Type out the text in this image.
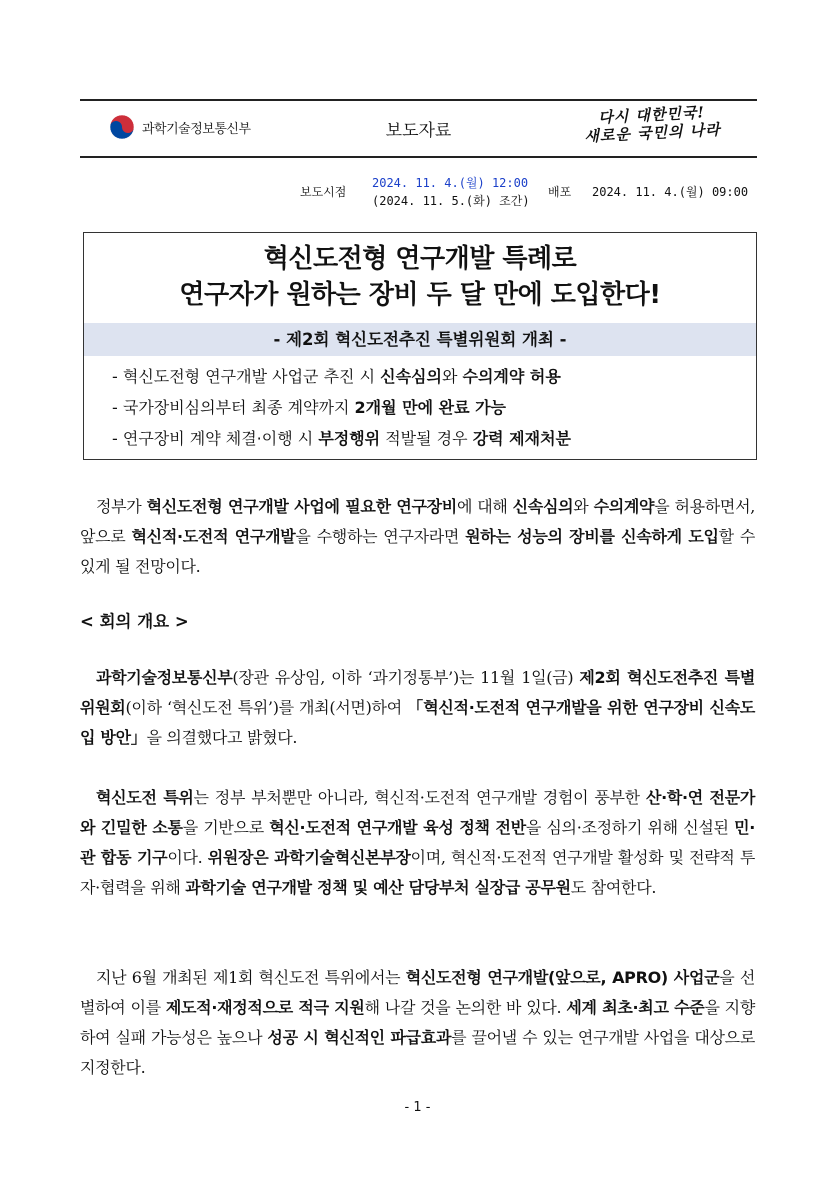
과학기술정보통신부	보도자료
다시 대한민국!
새로운 국민의 나라
보도시점
2024. 11. 4.(월) 12:00
(2024. 11. 5.(화) 조간)
배포 2024. 11. 4.(월) 09:00
혁신도전형 연구개발 특례로
연구자가 원하는 장비 두 달 만에 도입한다!
- 제2회 혁신도전추진 특별위원회 개최 -
- 혁신도전형 연구개발 사업군 추진 시 신속심의와 수의계약 허용
- 국가장비심의부터 최종 계약까지 2개월 만에 완료 가능
- 연구장비 계약 체결·이행 시 부정행위 적발될 경우 강력 제재처분

정부가 혁신도전형 연구개발 사업에 필요한 연구장비에 대해 신속심의와 수의계약을 허용하면서, 앞으로 혁신적·도전적 연구개발을 수행하는 연구자라면 원하는 성능의 장비를 신속하게 도입할 수 있게 될 전망이다.

< 회의 개요 >

과학기술정보통신부(장관 유상임, 이하 ‘과기정통부’)는 11월 1일(금) 제2회 혁신도전추진 특별위원회(이하 ‘혁신도전 특위’)를 개최(서면)하여 「혁신적·도전적 연구개발을 위한 연구장비 신속도입 방안」을 의결했다고 밝혔다.

혁신도전 특위는 정부 부처뿐만 아니라, 혁신적·도전적 연구개발 경험이 풍부한 산·학·연 전문가와 긴밀한 소통을 기반으로 혁신·도전적 연구개발 육성 정책 전반을 심의·조정하기 위해 신설된 민·관 합동 기구이다. 위원장은 과학기술혁신본부장이며, 혁신적·도전적 연구개발 활성화 및 전략적 투자·협력을 위해 과학기술 연구개발 정책 및 예산 담당부처 실장급 공무원도 참여한다.

지난 6월 개최된 제1회 혁신도전 특위에서는 혁신도전형 연구개발(앞으로, APRO) 사업군을 선별하여 이를 제도적·재정적으로 적극 지원해 나갈 것을 논의한 바 있다. 세계 최초·최고 수준을 지향하여 실패 가능성은 높으나 성공 시 혁신적인 파급효과를 끌어낼 수 있는 연구개발 사업을 대상으로 지정한다.

- 1 -
